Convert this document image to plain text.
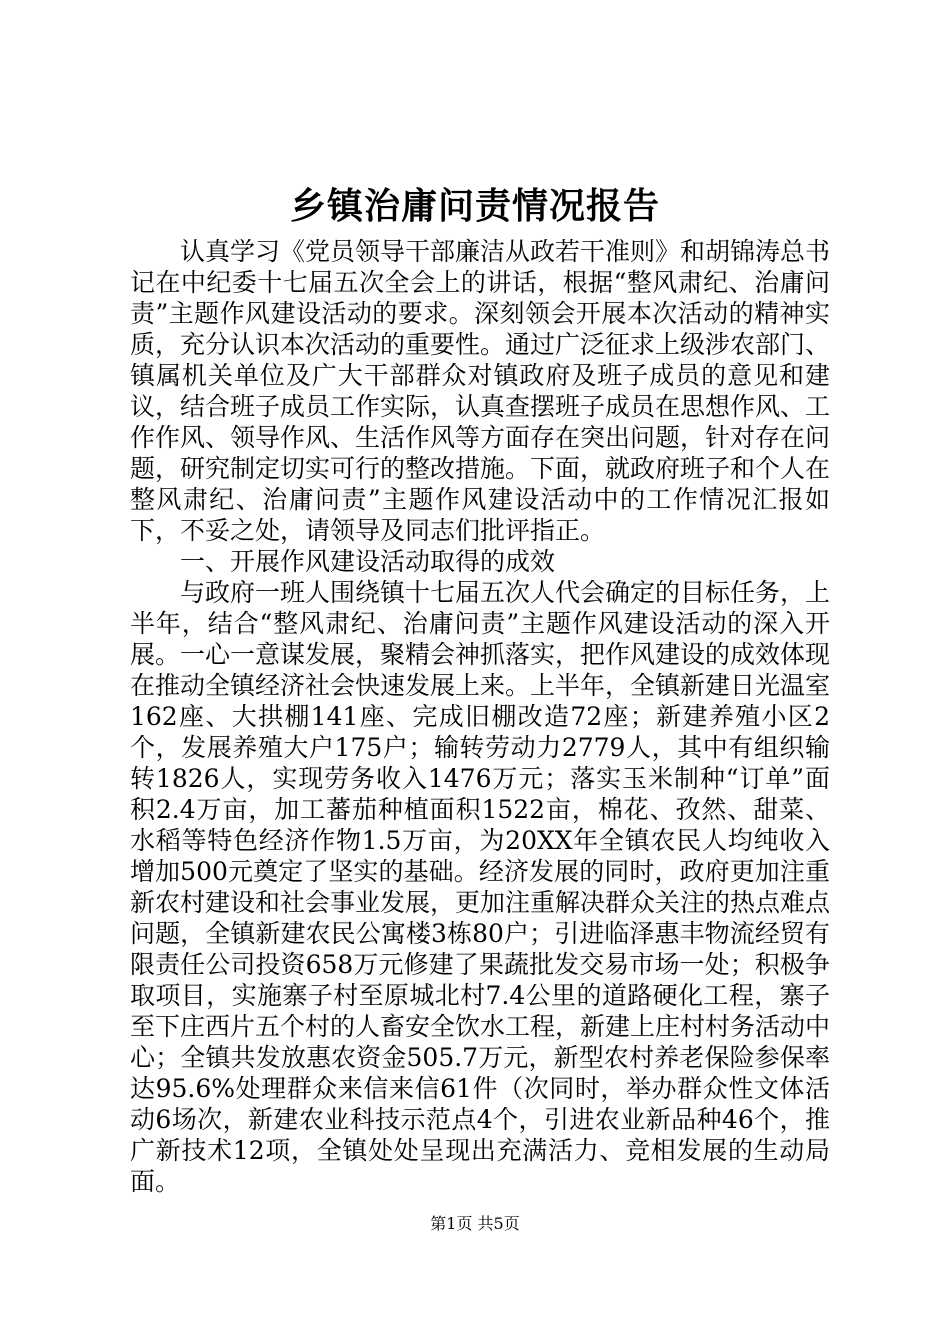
乡镇治庸问责情况报告

认真学习《党员领导干部廉洁从政若干准则》和胡锦涛总书记在中纪委十七届五次全会上的讲话，根据“整风肃纪、治庸问责”主题作风建设活动的要求。深刻领会开展本次活动的精神实质，充分认识本次活动的重要性。通过广泛征求上级涉农部门、镇属机关单位及广大干部群众对镇政府及班子成员的意见和建议，结合班子成员工作实际，认真查摆班子成员在思想作风、工作作风、领导作风、生活作风等方面存在突出问题，针对存在问题，研究制定切实可行的整改措施。下面，就政府班子和个人在整风肃纪、治庸问责”主题作风建设活动中的工作情况汇报如下，不妥之处，请领导及同志们批评指正。

一、开展作风建设活动取得的成效

与政府一班人围绕镇十七届五次人代会确定的目标任务，上半年，结合“整风肃纪、治庸问责”主题作风建设活动的深入开展。一心一意谋发展，聚精会神抓落实，把作风建设的成效体现在推动全镇经济社会快速发展上来。上半年，全镇新建日光温室162座、大拱棚141座、完成旧棚改造72座；新建养殖小区2个，发展养殖大户175户；输转劳动力2779人，其中有组织输转1826人，实现劳务收入1476万元；落实玉米制种“订单”面积2.4万亩，加工蕃茄种植面积1522亩，棉花、孜然、甜菜、水稻等特色经济作物1.5万亩，为20XX年全镇农民人均纯收入增加500元奠定了坚实的基础。经济发展的同时，政府更加注重新农村建设和社会事业发展，更加注重解决群众关注的热点难点问题，全镇新建农民公寓楼3栋80户；引进临泽惠丰物流经贸有限责任公司投资658万元修建了果蔬批发交易市场一处；积极争取项目，实施寨子村至原城北村7.4公里的道路硬化工程，寨子至下庄西片五个村的人畜安全饮水工程，新建上庄村村务活动中心；全镇共发放惠农资金505.7万元，新型农村养老保险参保率达95.6%处理群众来信来信61件（次同时，举办群众性文体活动6场次，新建农业科技示范点4个，引进农业新品种46个，推广新技术12项，全镇处处呈现出充满活力、竞相发展的生动局面。

第1页 共5页
